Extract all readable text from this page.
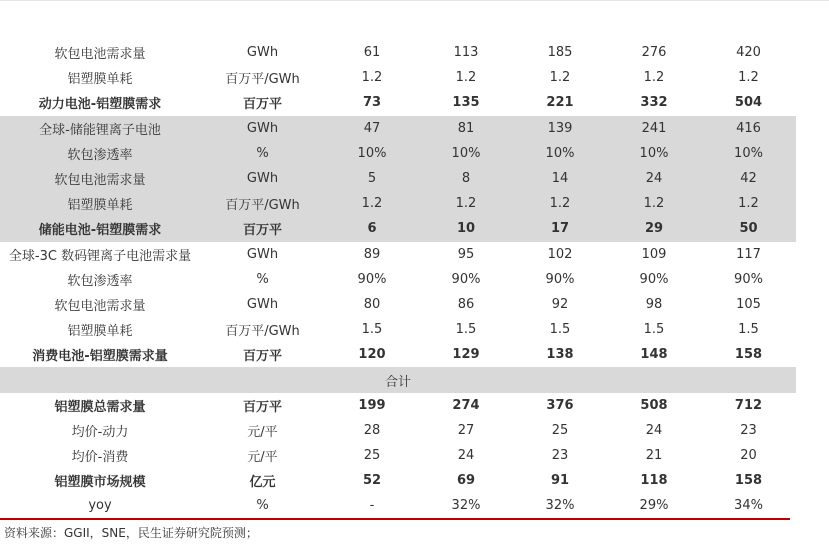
软包电池需求量	GWh	61	113	185	276	420
铝塑膜单耗	百万平/GWh	1.2	1.2	1.2	1.2	1.2
动力电池-铝塑膜需求	百万平	73	135	221	332	504
全球-储能锂离子电池	GWh	47	81	139	241	416
软包渗透率	%	10%	10%	10%	10%	10%
软包电池需求量	GWh	5	8	14	24	42
铝塑膜单耗	百万平/GWh	1.2	1.2	1.2	1.2	1.2
储能电池-铝塑膜需求	百万平	6	10	17	29	50
全球-3C 数码锂离子电池需求量	GWh	89	95	102	109	117
软包渗透率	%	90%	90%	90%	90%	90%
软包电池需求量	GWh	80	86	92	98	105
铝塑膜单耗	百万平/GWh	1.5	1.5	1.5	1.5	1.5
消费电池-铝塑膜需求量	百万平	120	129	138	148	158
合计						
铝塑膜总需求量	百万平	199	274	376	508	712
均价-动力	元/平	28	27	25	24	23
均价-消费	元/平	25	24	23	21	20
铝塑膜市场规模	亿元	52	69	91	118	158
yoy	%	-	32%	32%	29%	34%
资料来源：GGII，SNE，民生证券研究院预测；
